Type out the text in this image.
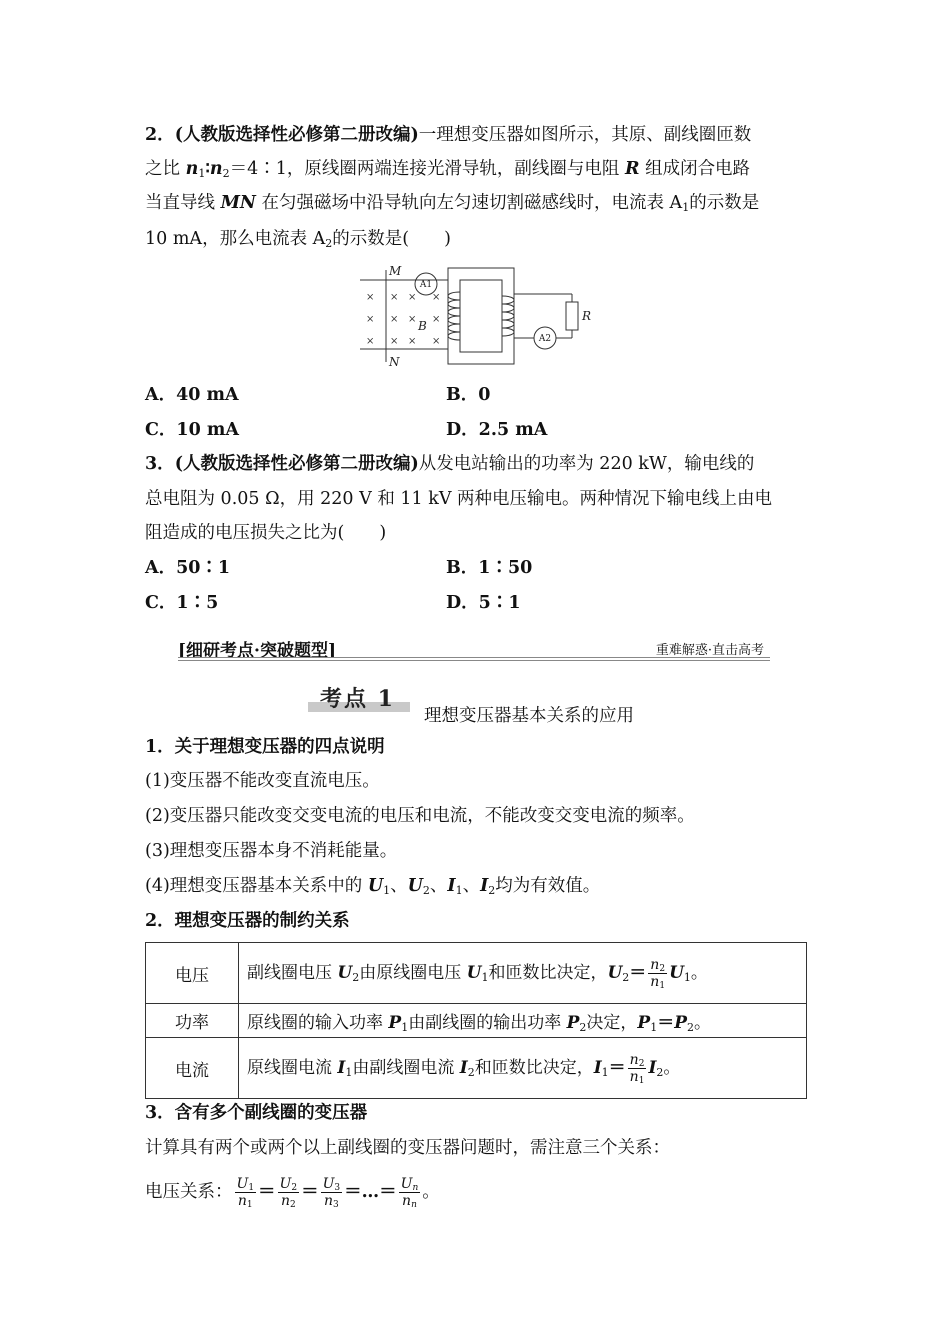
2．(人教版选择性必修第二册改编)一理想变压器如图所示，其原、副线圈匝数
之比 $n_1∶n_2=4∶1$，原线圈两端连接光滑导轨，副线圈与电阻 R 组成闭合电路
当直导线 MN 在匀强磁场中沿导轨向左匀速切割磁感线时，电流表 $A_1$的示数是
10 mA，那么电流表 $A_2$的示数是(　　)
× × × ×
× × × ×
× × × ×
M
N
B
R
A1
A2
A．40 mA	B．0
C．10 mA	D．2.5 mA
3．(人教版选择性必修第二册改编)从发电站输出的功率为 220 kW，输电线的
总电阻为 0.05 Ω，用 220 V 和 11 kV 两种电压输电。两种情况下输电线上由电
阻造成的电压损失之比为(　　)
A．50∶1	B．1∶50
C．1∶5	D．5∶1
[细研考点·突破题型]	重难解惑·直击高考
考点 1
理想变压器基本关系的应用
1．关于理想变压器的四点说明
(1)变压器不能改变直流电压。
(2)变压器只能改变交变电流的电压和电流，不能改变交变电流的频率。
(3)理想变压器本身不消耗能量。
(4)理想变压器基本关系中的 $U_1$、$U_2$、$I_1$、$I_2$均为有效值。
2．理想变压器的制约关系
电压	副线圈电压 $U_2$由原线圈电压 $U_1$和匝数比决定，$U_2= \frac{n_2}{n_1} U_1$。
功率	原线圈的输入功率 $P_1$由副线圈的输出功率 $P_2$决定，$P_1=P_2$。
电流	原线圈电流 $I_1$由副线圈电流 $I_2$和匝数比决定，$I_1= \frac{n_2}{n_1} I_2$。
3．含有多个副线圈的变压器
计算具有两个或两个以上副线圈的变压器问题时，需注意三个关系：
电压关系： $\frac{U_1}{n_1} = \frac{U_2}{n_2} = \frac{U_3}{n_3}$ ＝…＝ $\frac{U_n}{n_n}$ 。
